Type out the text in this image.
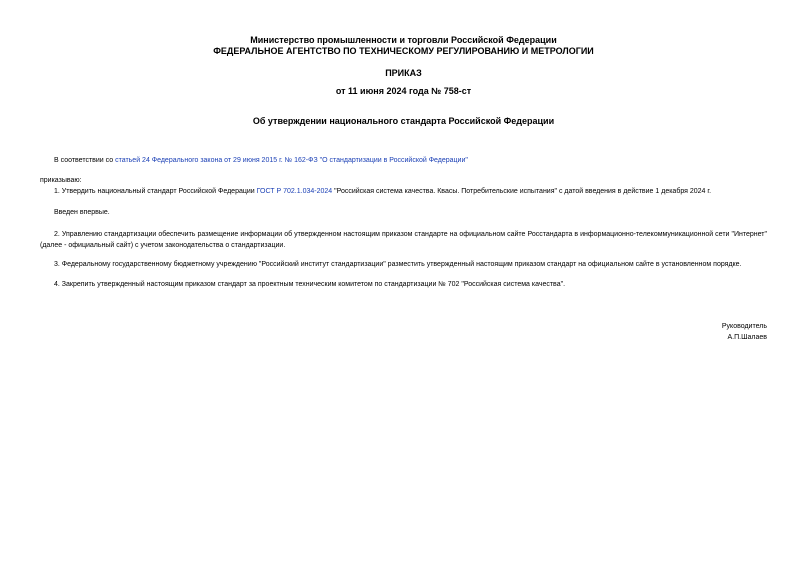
Министерство промышленности и торговли Российской Федерации
ФЕДЕРАЛЬНОЕ АГЕНТСТВО ПО ТЕХНИЧЕСКОМУ РЕГУЛИРОВАНИЮ И МЕТРОЛОГИИ
ПРИКАЗ
от 11 июня 2024 года № 758-ст
Об утверждении национального стандарта Российской Федерации
В соответствии со статьей 24 Федерального закона от 29 июня 2015 г. № 162-ФЗ "О стандартизации в Российской Федерации"
приказываю:
1. Утвердить национальный стандарт Российской Федерации ГОСТ Р 702.1.034-2024 "Российская система качества. Квасы. Потребительские испытания" с датой введения в действие 1 декабря 2024 г.
Введен впервые.
2. Управлению стандартизации обеспечить размещение информации об утвержденном настоящим приказом стандарте на официальном сайте Росстандарта в информационно-телекоммуникационной сети "Интернет" (далее - официальный сайт) с учетом законодательства о стандартизации.
3. Федеральному государственному бюджетному учреждению "Российский институт стандартизации" разместить утвержденный настоящим приказом стандарт на официальном сайте в установленном порядке.
4. Закрепить утвержденный настоящим приказом стандарт за проектным техническим комитетом по стандартизации № 702 "Российская система качества".
Руководитель
А.П.Шалаев
